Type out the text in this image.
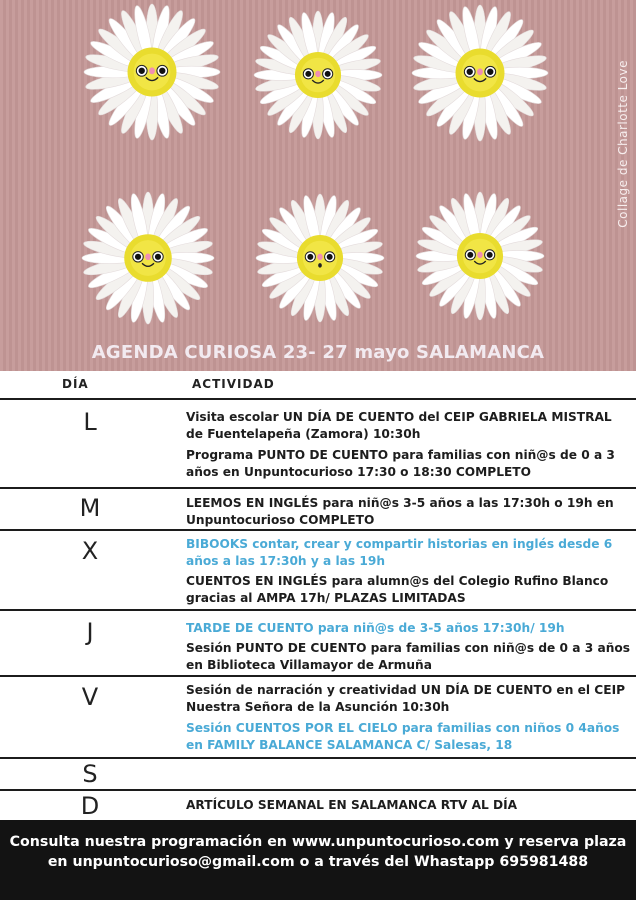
Collage de Charlotte Love
AGENDA CURIOSA 23- 27 mayo SALAMANCA
DÍA	ACTIVIDAD
L
M
X
J
V
S
D
Visita escolar UN DÍA DE CUENTO del CEIP GABRIELA MISTRAL de Fuentelapeña (Zamora) 10:30h
Programa PUNTO DE CUENTO para familias con niñ@s de 0 a 3 años en Unpuntocurioso 17:30 o 18:30 COMPLETO
LEEMOS EN INGLÉS para niñ@s 3-5 años a las 17:30h o 19h en Unpuntocurioso COMPLETO
BIBOOKS contar, crear y compartir historias en inglés desde 6 años a las 17:30h y a las 19h
CUENTOS EN INGLÉS para alumn@s del Colegio Rufino Blanco gracias al AMPA 17h/ PLAZAS LIMITADAS
TARDE DE CUENTO para niñ@s de 3-5 años 17:30h/ 19h
Sesión PUNTO DE CUENTO para familias con niñ@s de 0 a 3 años en Biblioteca Villamayor de Armuña
Sesión de narración y creatividad UN DÍA DE CUENTO en el CEIP Nuestra Señora de la Asunción 10:30h
Sesión CUENTOS POR EL CIELO para familias con niños 0 4años en FAMILY BALANCE SALAMANCA C/ Salesas, 18
ARTÍCULO SEMANAL EN SALAMANCA RTV AL DÍA
Consulta nuestra programación en www.unpuntocurioso.com y reserva plaza en unpuntocurioso@gmail.com o a través del Whastapp 695981488
